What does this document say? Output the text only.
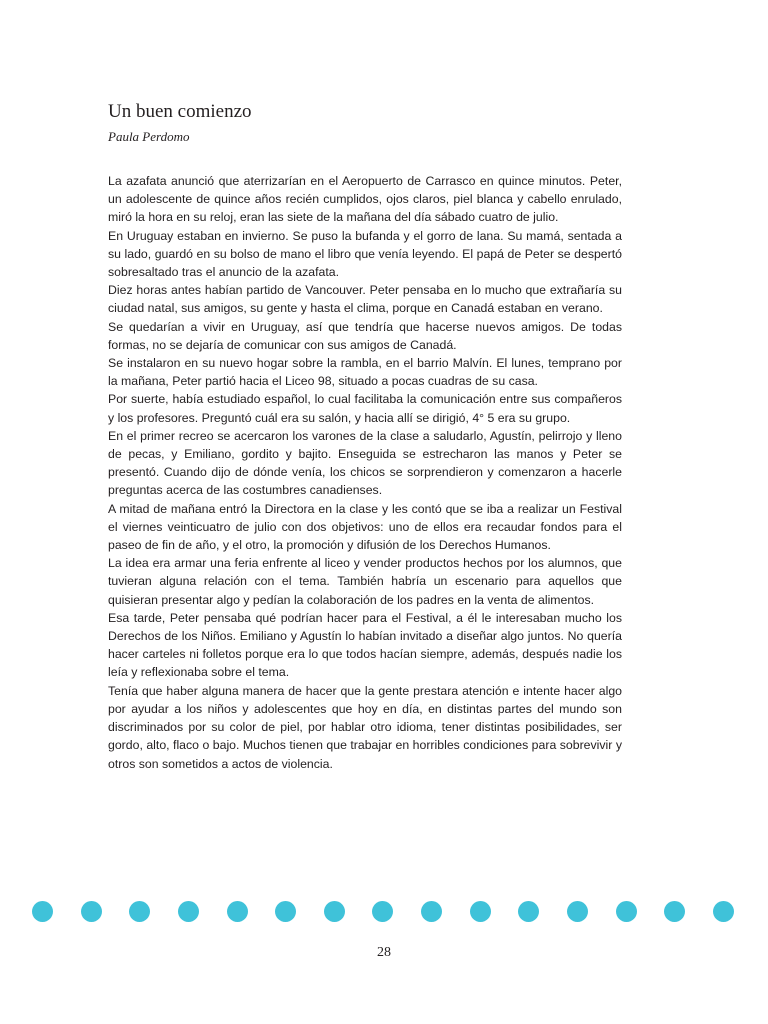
Un buen comienzo
Paula Perdomo

La azafata anunció que aterrizarían en el Aeropuerto de Carrasco en quince minutos. Peter, un adolescente de quince años recién cumplidos, ojos claros, piel blanca y cabello enrulado, miró la hora en su reloj, eran las siete de la mañana del día sábado cuatro de julio.

En Uruguay estaban en invierno. Se puso la bufanda y el gorro de lana. Su mamá, sentada a su lado, guardó en su bolso de mano el libro que venía leyendo. El papá de Peter se despertó sobresaltado tras el anuncio de la azafata.

Diez horas antes habían partido de Vancouver. Peter pensaba en lo mucho que extrañaría su ciudad natal, sus amigos, su gente y hasta el clima, porque en Canadá estaban en verano.

Se quedarían a vivir en Uruguay, así que tendría que hacerse nuevos amigos. De todas formas, no se dejaría de comunicar con sus amigos de Canadá.

Se instalaron en su nuevo hogar sobre la rambla, en el barrio Malvín. El lunes, temprano por la mañana, Peter partió hacia el Liceo 98, situado a pocas cuadras de su casa.

Por suerte, había estudiado español, lo cual facilitaba la comunicación entre sus compañeros y los profesores. Preguntó cuál era su salón, y hacia allí se dirigió, 4° 5 era su grupo.

En el primer recreo se acercaron los varones de la clase a saludarlo, Agustín, pelirrojo y lleno de pecas, y Emiliano, gordito y bajito. Enseguida se estrecharon las manos y Peter se presentó. Cuando dijo de dónde venía, los chicos se sorprendieron y comenzaron a hacerle preguntas acerca de las costumbres canadienses.

A mitad de mañana entró la Directora en la clase y les contó que se iba a realizar un Festival el viernes veinticuatro de julio con dos objetivos: uno de ellos era recaudar fondos para el paseo de fin de año, y el otro, la promoción y difusión de los Derechos Humanos.

La idea era armar una feria enfrente al liceo y vender productos hechos por los alumnos, que tuvieran alguna relación con el tema. También habría un escenario para aquellos que quisieran presentar algo y pedían la colaboración de los padres en la venta de alimentos.

Esa tarde, Peter pensaba qué podrían hacer para el Festival, a él le interesaban mucho los Derechos de los Niños. Emiliano y Agustín lo habían invitado a diseñar algo juntos. No quería hacer carteles ni folletos porque era lo que todos hacían siempre, además, después nadie los leía y reflexionaba sobre el tema.

Tenía que haber alguna manera de hacer que la gente prestara atención e intente hacer algo por ayudar a los niños y adolescentes que hoy en día, en distintas partes del mundo son discriminados por su color de piel, por hablar otro idioma, tener distintas posibilidades, ser gordo, alto, flaco o bajo. Muchos tienen que trabajar en horribles condiciones para sobrevivir y otros son sometidos a actos de violencia.

28
